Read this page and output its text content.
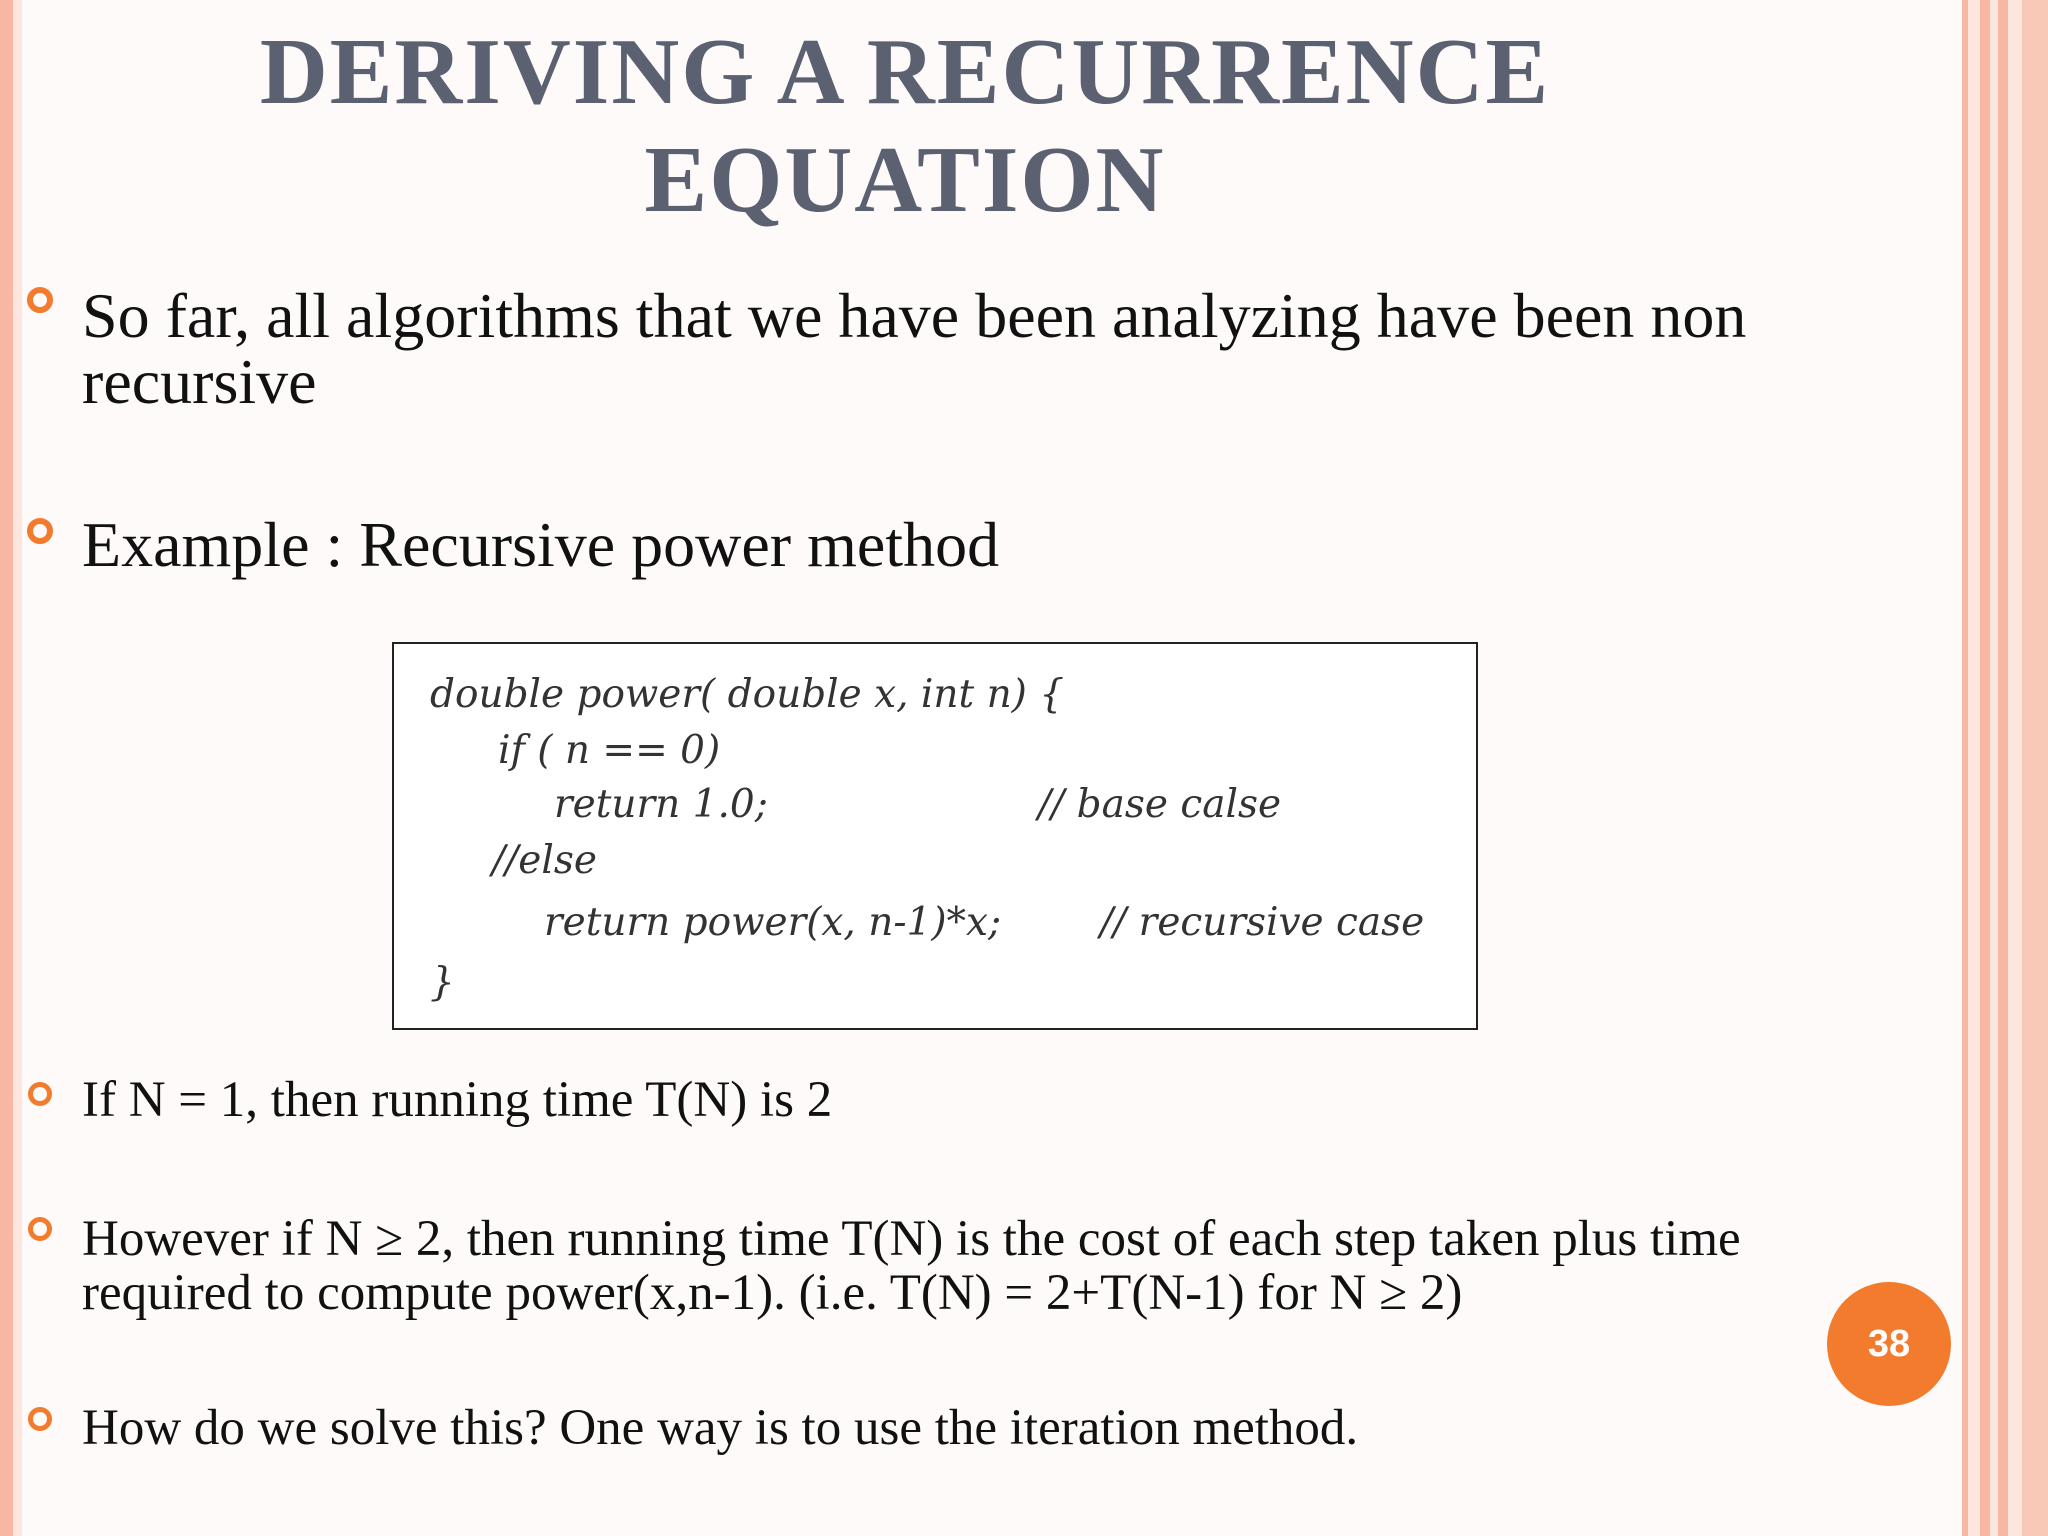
DERIVING A RECURRENCE
EQUATION

So far, all algorithms that we have been analyzing have been non
recursive

Example : Recursive power method

double power( double x, int n) {
if ( n == 0)
return 1.0;	// base calse
//else
return power(x, n-1)*x;	// recursive case
}

If N = 1, then running time T(N) is 2

However if N ≥ 2, then running time T(N) is the cost of each step taken plus time
required to compute power(x,n-1). (i.e. T(N) = 2+T(N-1) for N ≥ 2)

How do we solve this? One way is to use the iteration method.

38
